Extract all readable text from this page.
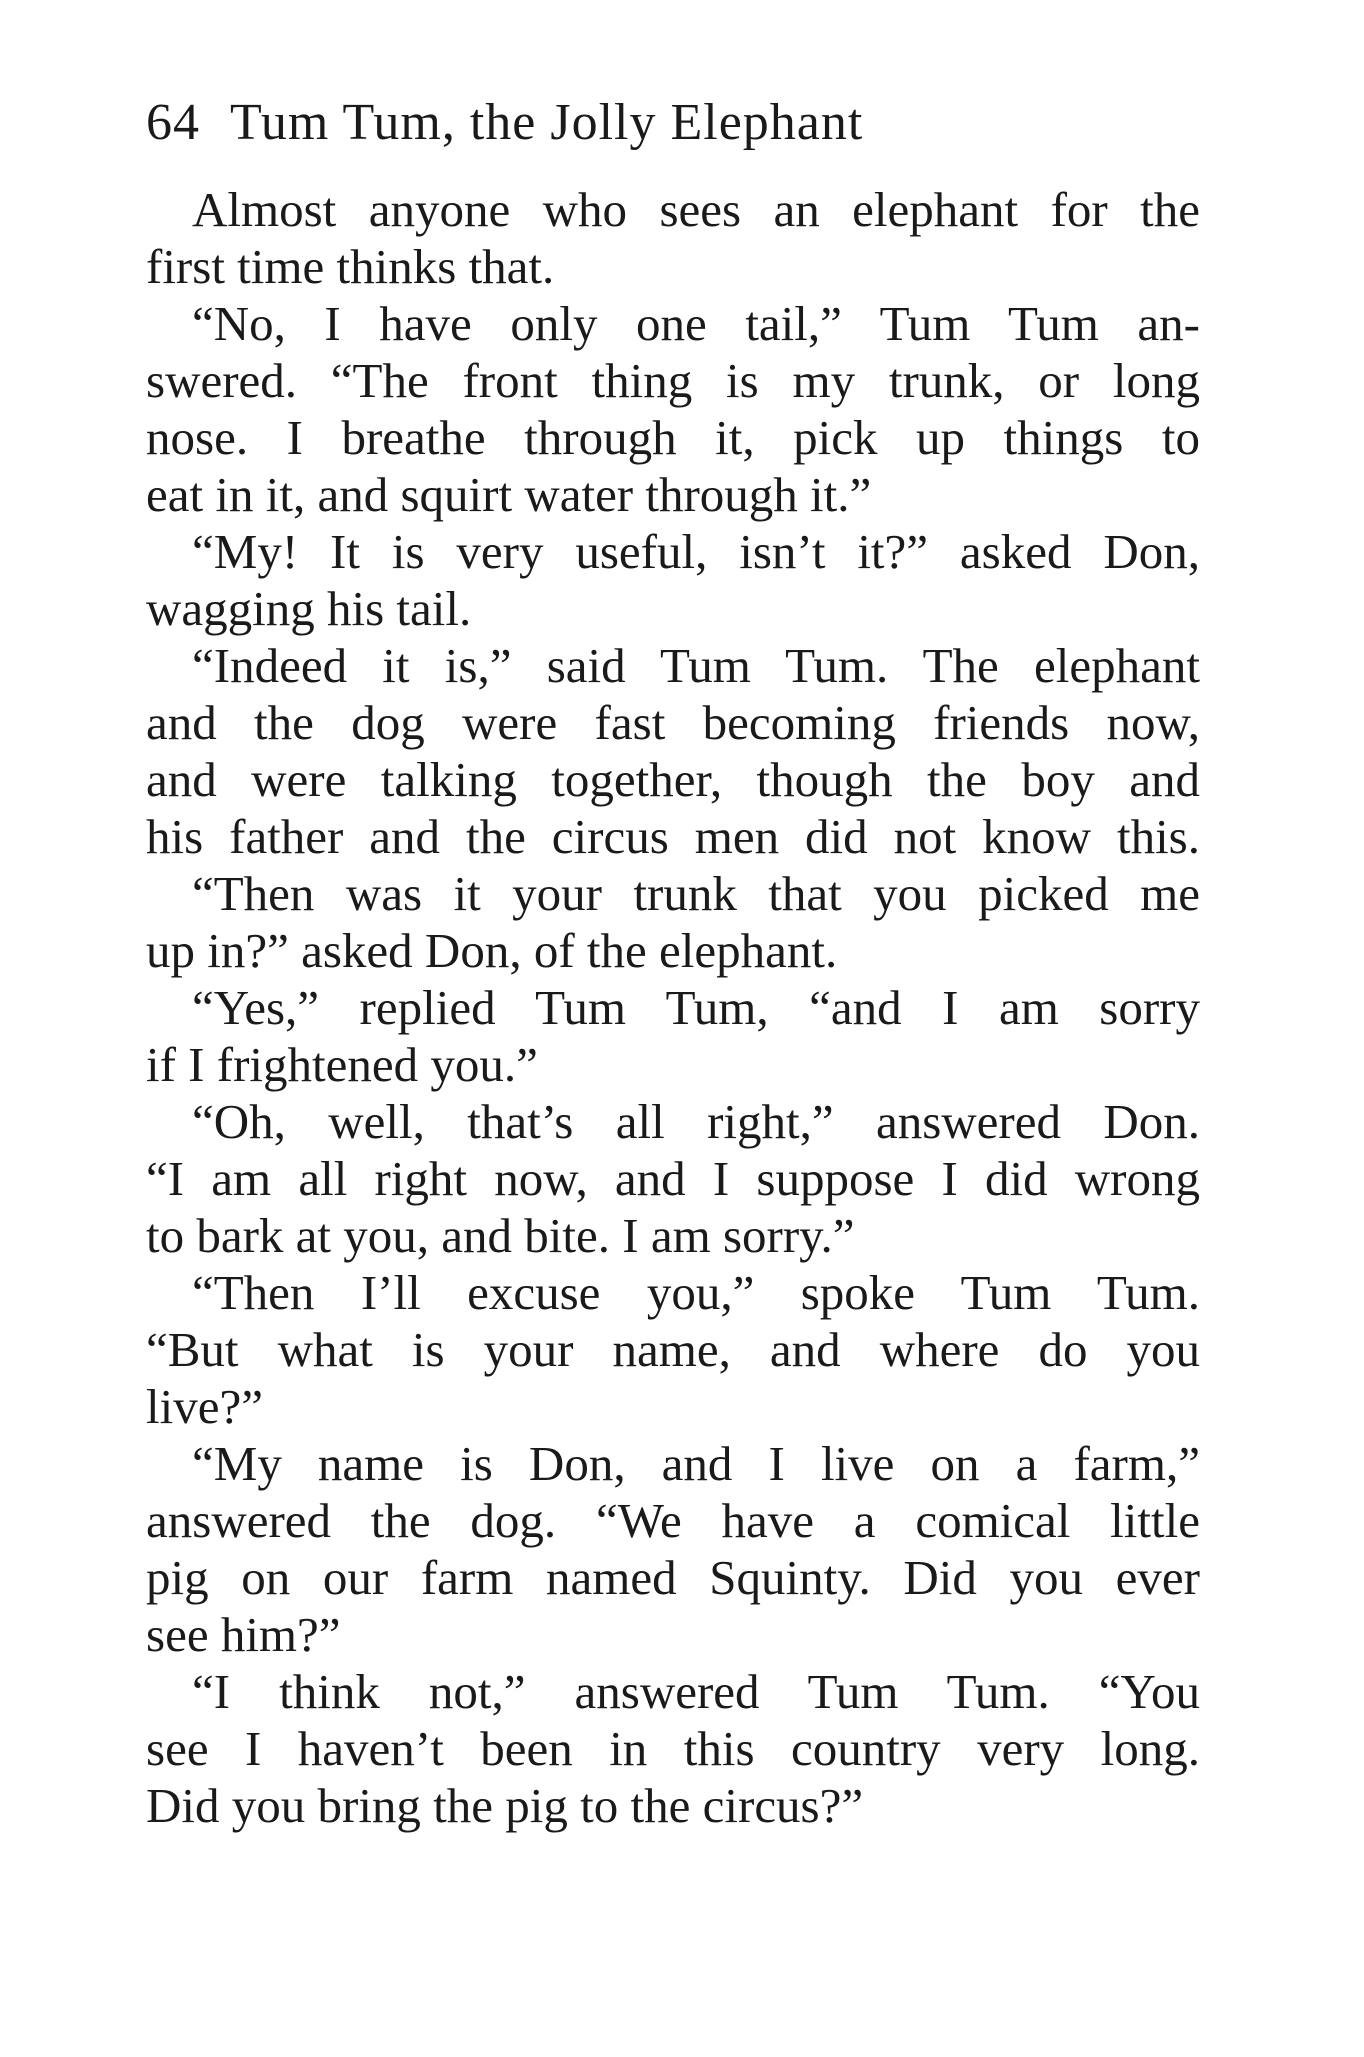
64 Tum Tum, the Jolly Elephant
Almost anyone who sees an elephant for the
first time thinks that.
“No, I have only one tail,” Tum Tum an-
swered. “The front thing is my trunk, or long
nose. I breathe through it, pick up things to
eat in it, and squirt water through it.”
“My! It is very useful, isn’t it?” asked Don,
wagging his tail.
“Indeed it is,” said Tum Tum. The elephant
and the dog were fast becoming friends now,
and were talking together, though the boy and
his father and the circus men did not know this.
“Then was it your trunk that you picked me
up in?” asked Don, of the elephant.
“Yes,” replied Tum Tum, “and I am sorry
if I frightened you.”
“Oh, well, that’s all right,” answered Don.
“I am all right now, and I suppose I did wrong
to bark at you, and bite. I am sorry.”
“Then I’ll excuse you,” spoke Tum Tum.
“But what is your name, and where do you
live?”
“My name is Don, and I live on a farm,”
answered the dog. “We have a comical little
pig on our farm named Squinty. Did you ever
see him?”
“I think not,” answered Tum Tum. “You
see I haven’t been in this country very long.
Did you bring the pig to the circus?”
